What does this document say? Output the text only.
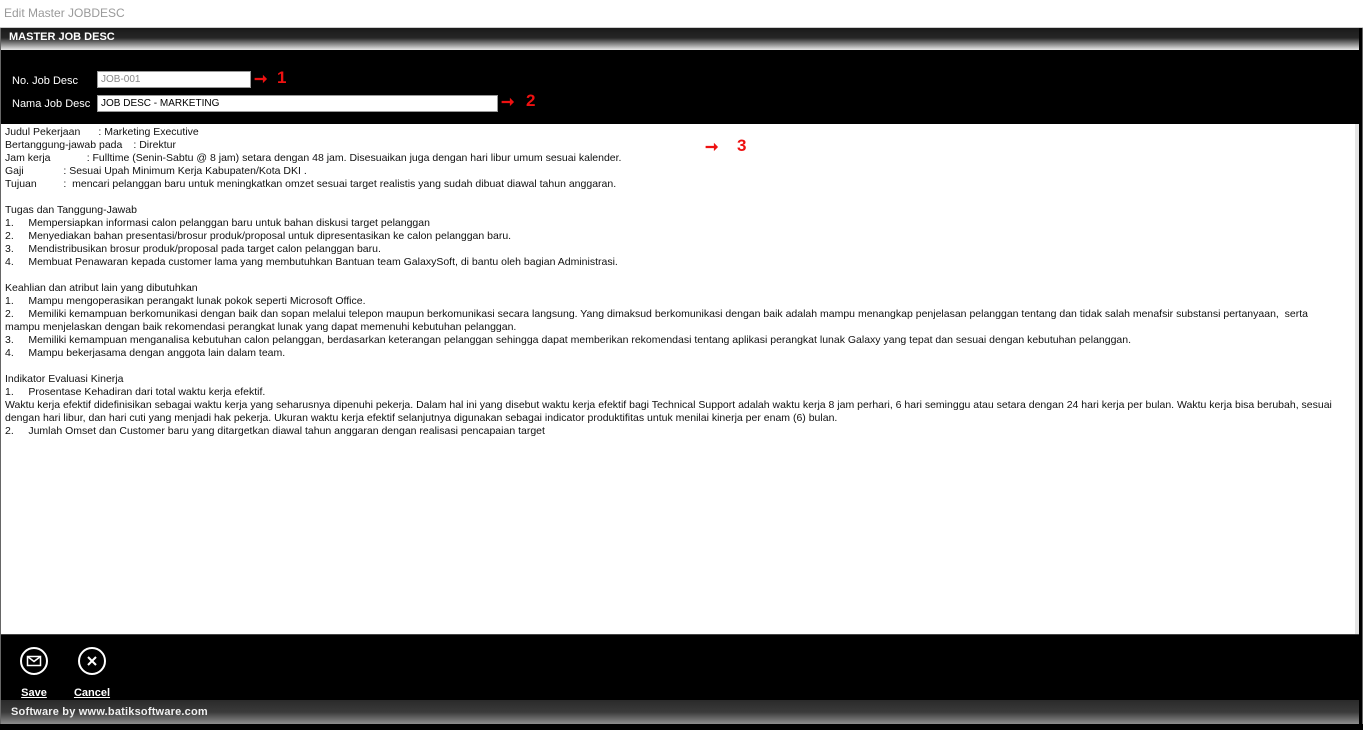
Edit Master JOBDESC
MASTER JOB DESC
No. Job Desc
JOB-001	➞ 1
Nama Job Desc
JOB DESC - MARKETING	➞ 2
Judul Pekerjaan		: Marketing Executive
Bertanggung-jawab pada	: Direktur
Jam kerja			: Fulltime (Senin-Sabtu @ 8 jam) setara dengan 48 jam. Disesuaikan juga dengan hari libur umum sesuai kalender.
Gaji				: Sesuai Upah Minimum Kerja Kabupaten/Kota DKI .
Tujuan			:  mencari pelanggan baru untuk meningkatkan omzet sesuai target realistis yang sudah dibuat diawal tahun anggaran.
Tugas dan Tanggung-Jawab
1.		Mempersiapkan informasi calon pelanggan baru untuk bahan diskusi target pelanggan
2.		Menyediakan bahan presentasi/brosur produk/proposal untuk dipresentasikan ke calon pelanggan baru.
3.		Mendistribusikan brosur produk/proposal pada target calon pelanggan baru.
4.		Membuat Penawaran kepada customer lama yang membutuhkan Bantuan team GalaxySoft, di bantu oleh bagian Administrasi.
Keahlian dan atribut lain yang dibutuhkan
1.		Mampu mengoperasikan perangakt lunak pokok seperti Microsoft Office.
2.		Memiliki kemampuan berkomunikasi dengan baik dan sopan melalui telepon maupun berkomunikasi secara langsung. Yang dimaksud berkomunikasi dengan baik adalah mampu menangkap penjelasan pelanggan tentang dan tidak salah menafsir substansi pertanyaan,  serta
mampu menjelaskan dengan baik rekomendasi perangkat lunak yang dapat memenuhi kebutuhan pelanggan.
3.		Memiliki kemampuan menganalisa kebutuhan calon pelanggan, berdasarkan keterangan pelanggan sehingga dapat memberikan rekomendasi tentang aplikasi perangkat lunak Galaxy yang tepat dan sesuai dengan kebutuhan pelanggan.
4.		Mampu bekerjasama dengan anggota lain dalam team.
Indikator Evaluasi Kinerja
1.		Prosentase Kehadiran dari total waktu kerja efektif.
Waktu kerja efektif didefinisikan sebagai waktu kerja yang seharusnya dipenuhi pekerja. Dalam hal ini yang disebut waktu kerja efektif bagi Technical Support adalah waktu kerja 8 jam perhari, 6 hari seminggu atau setara dengan 24 hari kerja per bulan. Waktu kerja bisa berubah, sesuai
dengan hari libur, dan hari cuti yang menjadi hak pekerja. Ukuran waktu kerja efektif selanjutnya digunakan sebagai indicator produktifitas untuk menilai kinerja per enam (6) bulan.
2.		Jumlah Omset dan Customer baru yang ditargetkan diawal tahun anggaran dengan realisasi pencapaian target
➞ 3
Save	Cancel
Software by www.batiksoftware.com
